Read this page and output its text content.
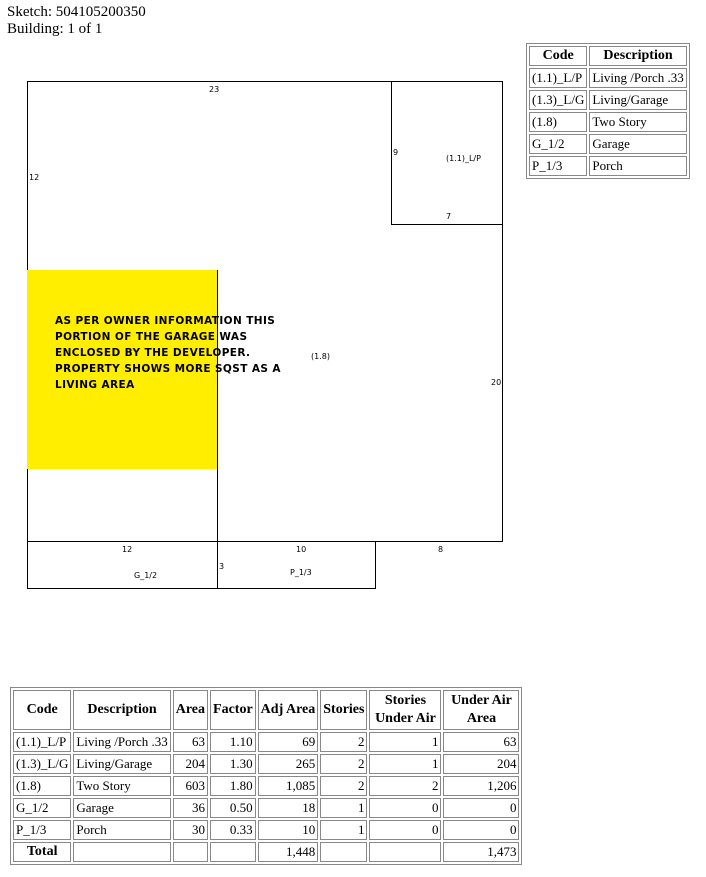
Sketch: 504105200350
Building: 1 of 1
Code	Description
(1.1)_L/P	Living /Porch .33
(1.3)_L/G	Living/Garage
(1.8)	Two Story
G_1/2	Garage
P_1/3	Porch
AS PER OWNER INFORMATION THIS PORTION OF THE GARAGE WAS ENCLOSED BY THE DEVELOPER. PROPERTY SHOWS MORE SQST AS A LIVING AREA
23
12
9
(1.1)_L/P
7
(1.8)
20
12	10	8
3
G_1/2	P_1/3
Code	Description	Area	Factor	Adj Area	Stories	Stories Under Air	Under Air Area
(1.1)_L/P	Living /Porch .33	63	1.10	69	2	1	63
(1.3)_L/G	Living/Garage	204	1.30	265	2	1	204
(1.8)	Two Story	603	1.80	1,085	2	2	1,206
G_1/2	Garage	36	0.50	18	1	0	0
P_1/3	Porch	30	0.33	10	1	0	0
Total				1,448			1,473
